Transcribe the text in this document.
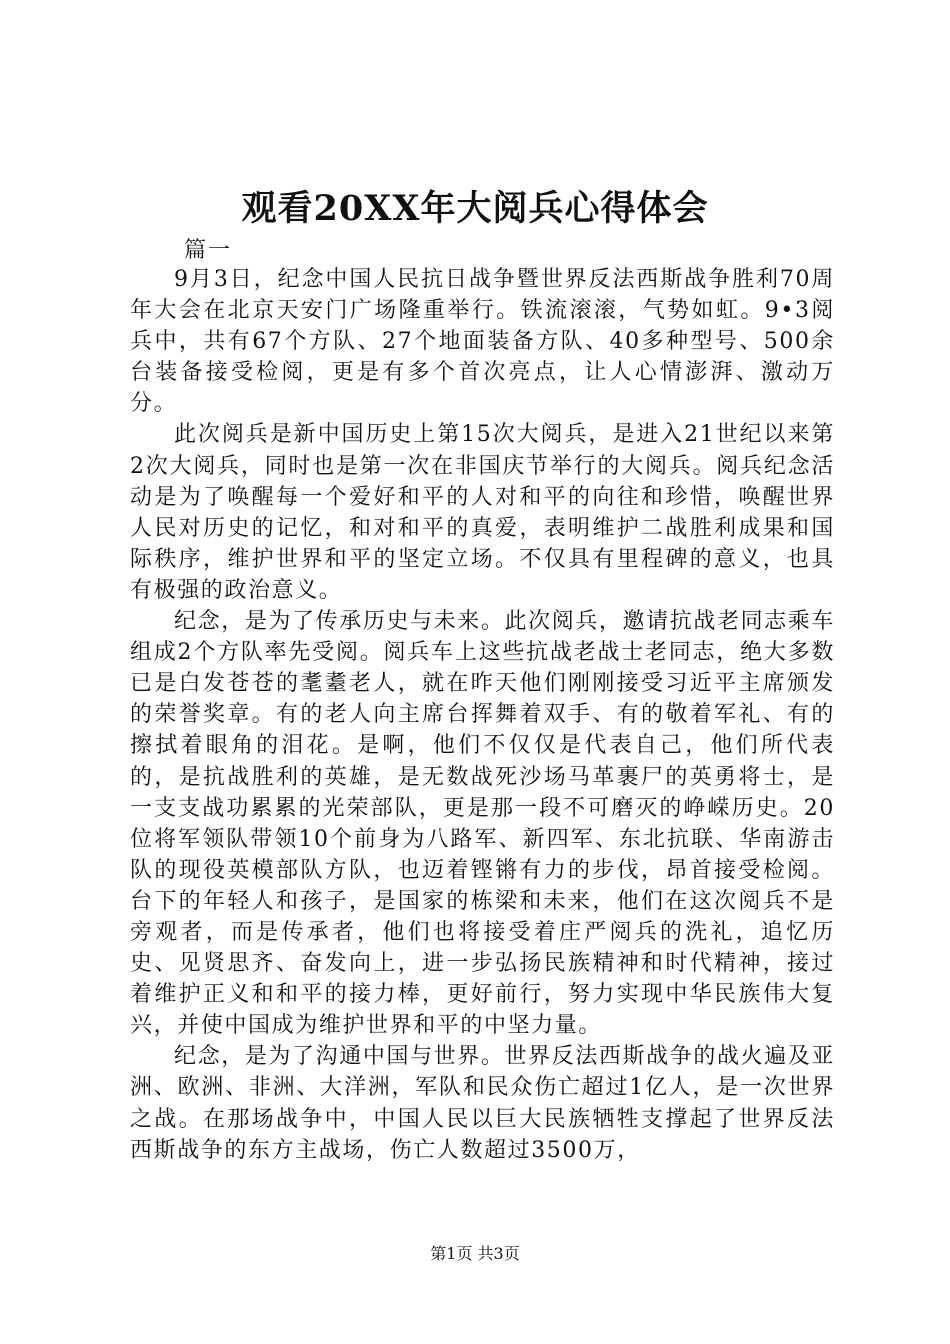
观看20XX年大阅兵心得体会
篇一

9月3日，纪念中国人民抗日战争暨世界反法西斯战争胜利70周年大会在北京天安门广场隆重举行。铁流滚滚，气势如虹。9•3阅兵中，共有67个方队、27个地面装备方队、40多种型号、500余台装备接受检阅，更是有多个首次亮点，让人心情澎湃、激动万分。

此次阅兵是新中国历史上第15次大阅兵，是进入21世纪以来第2次大阅兵，同时也是第一次在非国庆节举行的大阅兵。阅兵纪念活动是为了唤醒每一个爱好和平的人对和平的向往和珍惜，唤醒世界人民对历史的记忆，和对和平的真爱，表明维护二战胜利成果和国际秩序，维护世界和平的坚定立场。不仅具有里程碑的意义，也具有极强的政治意义。

纪念，是为了传承历史与未来。此次阅兵，邀请抗战老同志乘车组成2个方队率先受阅。阅兵车上这些抗战老战士老同志，绝大多数已是白发苍苍的耄耋老人，就在昨天他们刚刚接受习近平主席颁发的荣誉奖章。有的老人向主席台挥舞着双手、有的敬着军礼、有的擦拭着眼角的泪花。是啊，他们不仅仅是代表自己，他们所代表的，是抗战胜利的英雄，是无数战死沙场马革裹尸的英勇将士，是一支支战功累累的光荣部队，更是那一段不可磨灭的峥嵘历史。20位将军领队带领10个前身为八路军、新四军、东北抗联、华南游击队的现役英模部队方队，也迈着铿锵有力的步伐，昂首接受检阅。台下的年轻人和孩子，是国家的栋梁和未来，他们在这次阅兵不是旁观者，而是传承者，他们也将接受着庄严阅兵的洗礼，追忆历史、见贤思齐、奋发向上，进一步弘扬民族精神和时代精神，接过着维护正义和和平的接力棒，更好前行，努力实现中华民族伟大复兴，并使中国成为维护世界和平的中坚力量。

纪念，是为了沟通中国与世界。世界反法西斯战争的战火遍及亚洲、欧洲、非洲、大洋洲，军队和民众伤亡超过1亿人，是一次世界之战。在那场战争中，中国人民以巨大民族牺牲支撑起了世界反法西斯战争的东方主战场，伤亡人数超过3500万，

第1页 共3页
